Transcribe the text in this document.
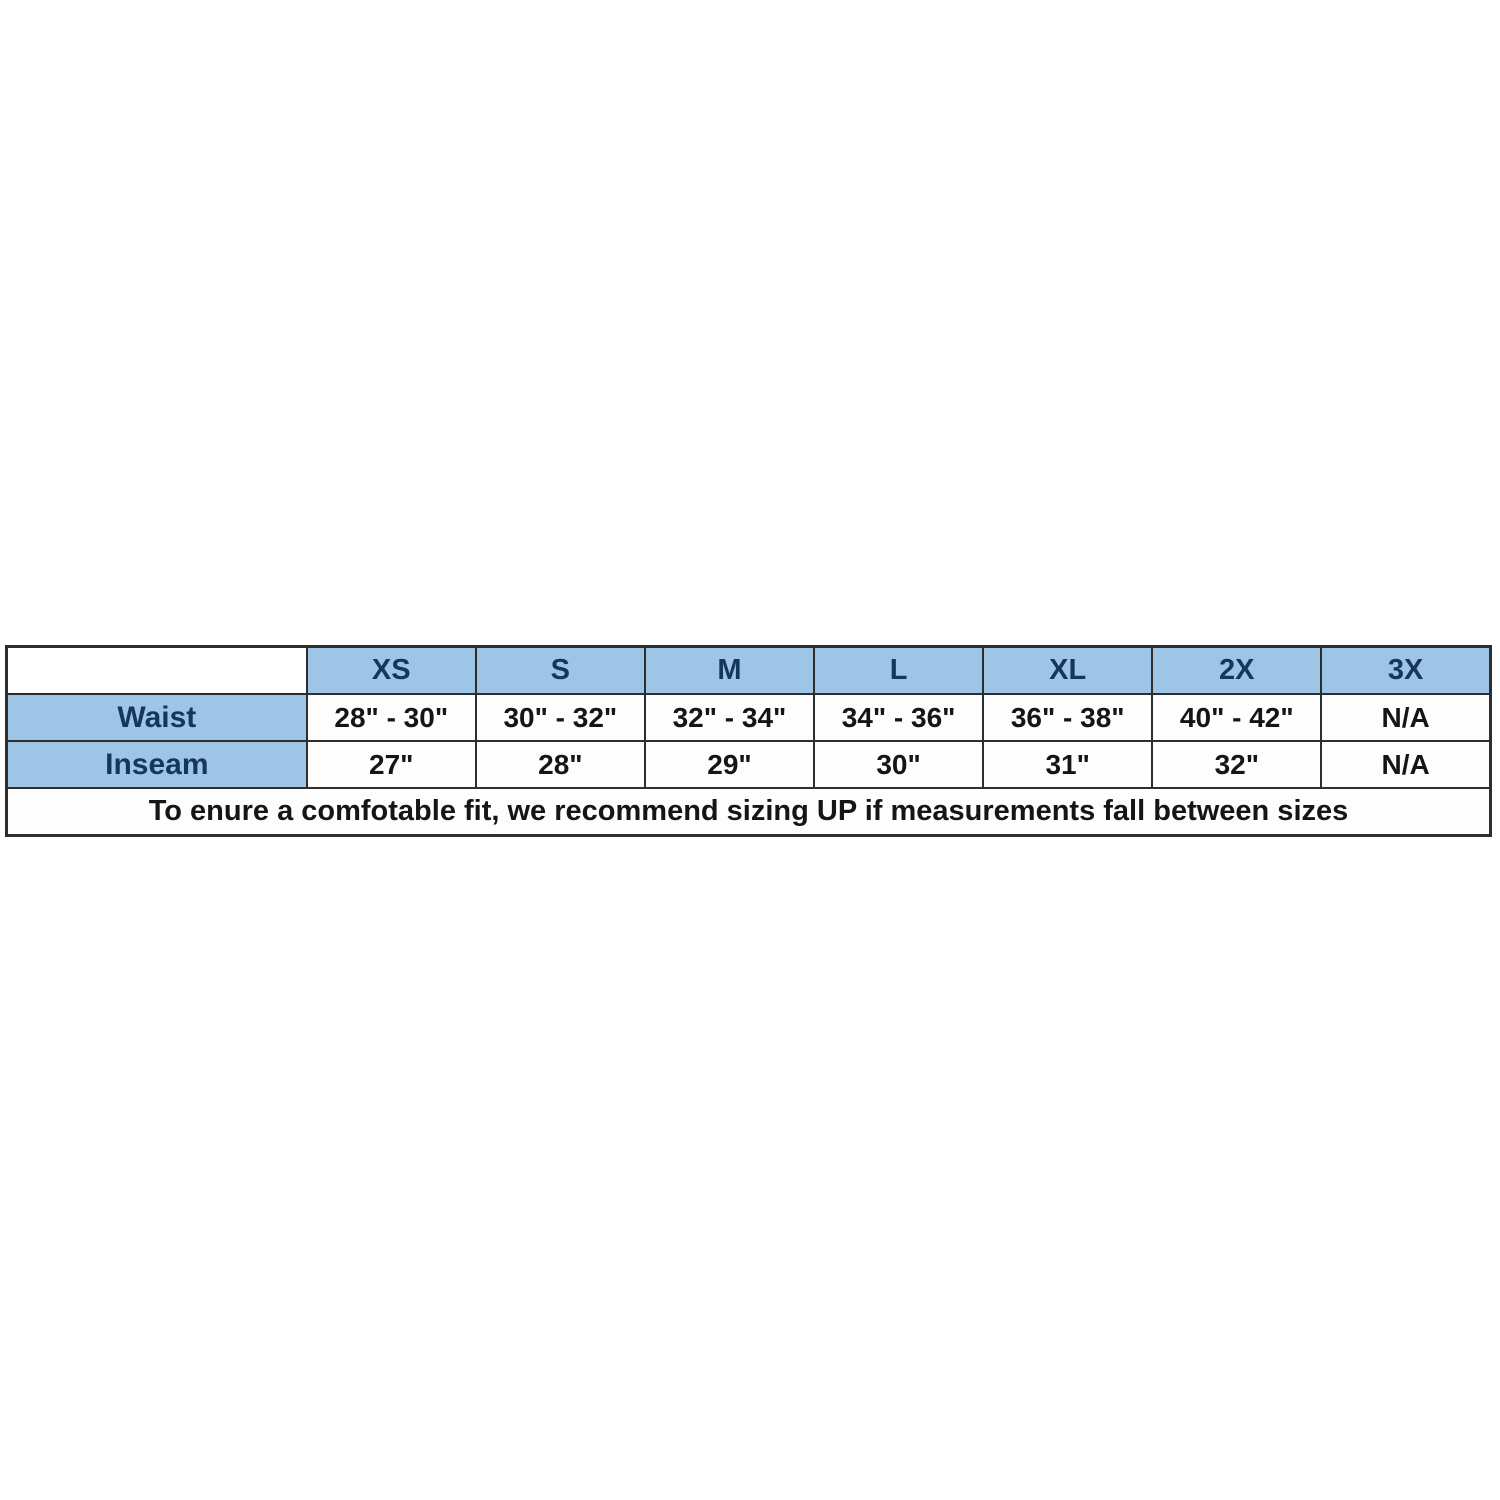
	XS	S	M	L	XL	2X	3X
Waist	28" - 30"	30" - 32"	32" - 34"	34" - 36"	36" - 38"	40" - 42"	N/A
Inseam	27"	28"	29"	30"	31"	32"	N/A
To enure a comfotable fit, we recommend sizing UP if measurements fall between sizes							
